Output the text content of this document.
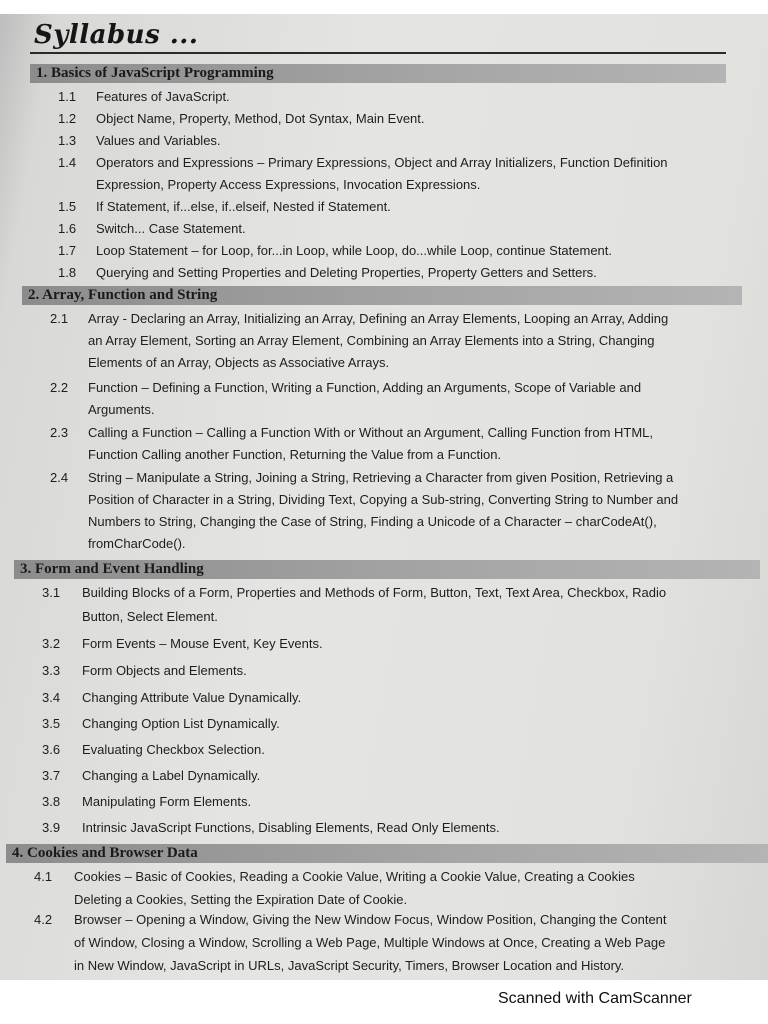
Syllabus ...
1. Basics of JavaScript Programming
1.1 Features of JavaScript.
1.2 Object Name, Property, Method, Dot Syntax, Main Event.
1.3 Values and Variables.
1.4 Operators and Expressions – Primary Expressions, Object and Array Initializers, Function Definition
Expression, Property Access Expressions, Invocation Expressions.
1.5 If Statement, if...else, if..elseif, Nested if Statement.
1.6 Switch... Case Statement.
1.7 Loop Statement – for Loop, for...in Loop, while Loop, do...while Loop, continue Statement.
1.8 Querying and Setting Properties and Deleting Properties, Property Getters and Setters.
2. Array, Function and String
2.1 Array - Declaring an Array, Initializing an Array, Defining an Array Elements, Looping an Array, Adding
an Array Element, Sorting an Array Element, Combining an Array Elements into a String, Changing
Elements of an Array, Objects as Associative Arrays.
2.2 Function – Defining a Function, Writing a Function, Adding an Arguments, Scope of Variable and
Arguments.
2.3 Calling a Function – Calling a Function With or Without an Argument, Calling Function from HTML,
Function Calling another Function, Returning the Value from a Function.
2.4 String – Manipulate a String, Joining a String, Retrieving a Character from given Position, Retrieving a
Position of Character in a String, Dividing Text, Copying a Sub-string, Converting String to Number and
Numbers to String, Changing the Case of String, Finding a Unicode of a Character – charCodeAt(),
fromCharCode().
3. Form and Event Handling
3.1 Building Blocks of a Form, Properties and Methods of Form, Button, Text, Text Area, Checkbox, Radio
Button, Select Element.
3.2 Form Events – Mouse Event, Key Events.
3.3 Form Objects and Elements.
3.4 Changing Attribute Value Dynamically.
3.5 Changing Option List Dynamically.
3.6 Evaluating Checkbox Selection.
3.7 Changing a Label Dynamically.
3.8 Manipulating Form Elements.
3.9 Intrinsic JavaScript Functions, Disabling Elements, Read Only Elements.
4. Cookies and Browser Data
4.1 Cookies – Basic of Cookies, Reading a Cookie Value, Writing a Cookie Value, Creating a Cookies
Deleting a Cookies, Setting the Expiration Date of Cookie.
4.2 Browser – Opening a Window, Giving the New Window Focus, Window Position, Changing the Content
of Window, Closing a Window, Scrolling a Web Page, Multiple Windows at Once, Creating a Web Page
in New Window, JavaScript in URLs, JavaScript Security, Timers, Browser Location and History.
Scanned with CamScanner
